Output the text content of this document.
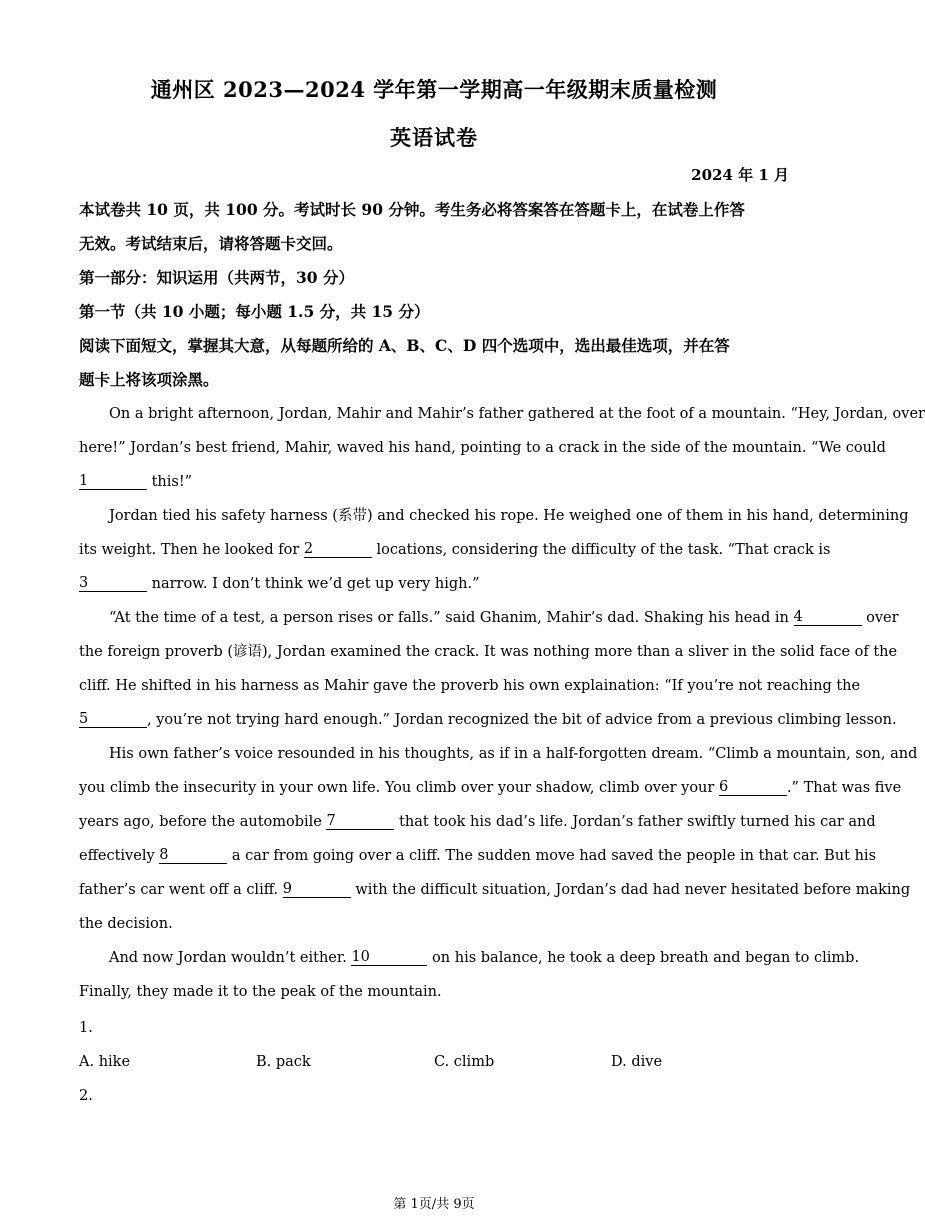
通州区 2023—2024 学年第一学期高一年级期末质量检测
英语试卷
2024 年 1 月
本试卷共 10 页，共 100 分。考试时长 90 分钟。考生务必将答案答在答题卡上，在试卷上作答
无效。考试结束后，请将答题卡交回。
第一部分：知识运用（共两节，30 分）
第一节（共 10 小题；每小题 1.5 分，共 15 分）
阅读下面短文，掌握其大意，从每题所给的 A、B、C、D 四个选项中，选出最佳选项，并在答
题卡上将该项涂黑。
On a bright afternoon, Jordan, Mahir and Mahir’s father gathered at the foot of a mountain. “Hey, Jordan, over
here!” Jordan’s best friend, Mahir, waved his hand, pointing to a crack in the side of the mountain. “We could
1	this!”
Jordan tied his safety harness (系带) and checked his rope. He weighed one of them in his hand, determining
its weight. Then he looked for 2	locations, considering the difficulty of the task. “That crack is
3	narrow. I don’t think we’d get up very high.”
“At the time of a test, a person rises or falls.” said Ghanim, Mahir’s dad. Shaking his head in 4	over
the foreign proverb (谚语), Jordan examined the crack. It was nothing more than a sliver in the solid face of the
cliff. He shifted in his harness as Mahir gave the proverb his own explaination: “If you’re not reaching the
5	, you’re not trying hard enough.” Jordan recognized the bit of advice from a previous climbing lesson.
His own father’s voice resounded in his thoughts, as if in a half-forgotten dream. “Climb a mountain, son, and
you climb the insecurity in your own life. You climb over your shadow, climb over your 6	.” That was five
years ago, before the automobile 7	that took his dad’s life. Jordan’s father swiftly turned his car and
effectively 8	a car from going over a cliff. The sudden move had saved the people in that car. But his
father’s car went off a cliff. 9	with the difficult situation, Jordan’s dad had never hesitated before making
the decision.
And now Jordan wouldn’t either. 10	on his balance, he took a deep breath and began to climb.
Finally, they made it to the peak of the mountain.
1.
A. hike	B. pack	C. climb	D. dive
2.
第 1页/共 9页
